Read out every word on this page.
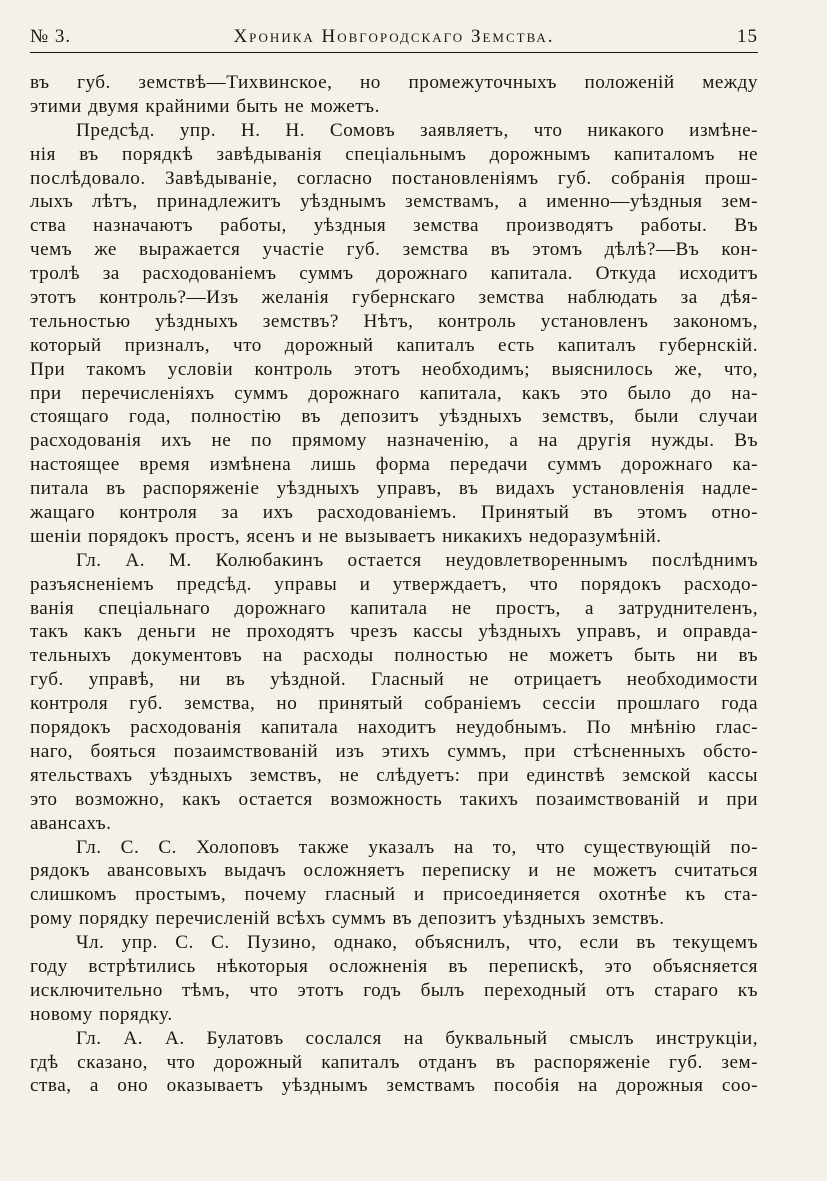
№ 3.	Хроника Новгородскаго Земства.	15
въ губ. земствѣ—Тихвинское, но промежуточныхъ положеній между
этими двумя крайними быть не можетъ.
Предсѣд. упр. Н. Н. Сомовъ заявляетъ, что никакого измѣне-
нія въ порядкѣ завѣдыванія спеціальнымъ дорожнымъ капиталомъ не
послѣдовало. Завѣдываніе, согласно постановленіямъ губ. собранія прош-
лыхъ лѣтъ, принадлежитъ уѣзднымъ земствамъ, а именно—уѣздныя зем-
ства назначаютъ работы, уѣздныя земства производятъ работы. Въ
чемъ же выражается участіе губ. земства въ этомъ дѣлѣ?—Въ кон-
тролѣ за расходованіемъ суммъ дорожнаго капитала. Откуда исходитъ
этотъ контроль?—Изъ желанія губернскаго земства наблюдать за дѣя-
тельностью уѣздныхъ земствъ? Нѣтъ, контроль установленъ закономъ,
который призналъ, что дорожный капиталъ есть капиталъ губернскій.
При такомъ условіи контроль этотъ необходимъ; выяснилось же, что,
при перечисленіяхъ суммъ дорожнаго капитала, какъ это было до на-
стоящаго года, полностію въ депозитъ уѣздныхъ земствъ, были случаи
расходованія ихъ не по прямому назначенію, а на другія нужды. Въ
настоящее время измѣнена лишь форма передачи суммъ дорожнаго ка-
питала въ распоряженіе уѣздныхъ управъ, въ видахъ установленія надле-
жащаго контроля за ихъ расходованіемъ. Принятый въ этомъ отно-
шеніи порядокъ простъ, ясенъ и не вызываетъ никакихъ недоразумѣній.
Гл. А. М. Колюбакинъ остается неудовлетвореннымъ послѣднимъ
разъясненіемъ предсѣд. управы и утверждаетъ, что порядокъ расходо-
ванія спеціальнаго дорожнаго капитала не простъ, а затруднителенъ,
такъ какъ деньги не проходятъ чрезъ кассы уѣздныхъ управъ, и оправда-
тельныхъ документовъ на расходы полностью не можетъ быть ни въ
губ. управѣ, ни въ уѣздной. Гласный не отрицаетъ необходимости
контроля губ. земства, но принятый собраніемъ сессіи прошлаго года
порядокъ расходованія капитала находитъ неудобнымъ. По мнѣнію глас-
наго, бояться позаимствованій изъ этихъ суммъ, при стѣсненныхъ обсто-
ятельствахъ уѣздныхъ земствъ, не слѣдуетъ: при единствѣ земской кассы
это возможно, какъ остается возможность такихъ позаимствованій и при
авансахъ.
Гл. С. С. Холоповъ также указалъ на то, что существующій по-
рядокъ авансовыхъ выдачъ осложняетъ переписку и не можетъ считаться
слишкомъ простымъ, почему гласный и присоединяется охотнѣе къ ста-
рому порядку перечисленій всѣхъ суммъ въ депозитъ уѣздныхъ земствъ.
Чл. упр. С. С. Пузино, однако, объяснилъ, что, если въ текущемъ
году встрѣтились нѣкоторыя осложненія въ перепискѣ, это объясняется
исключительно тѣмъ, что этотъ годъ былъ переходный отъ стараго къ
новому порядку.
Гл. А. А. Булатовъ сослался на буквальный смыслъ инструкціи,
гдѣ сказано, что дорожный капиталъ отданъ въ распоряженіе губ. зем-
ства, а оно оказываетъ уѣзднымъ земствамъ пособія на дорожныя соо-
